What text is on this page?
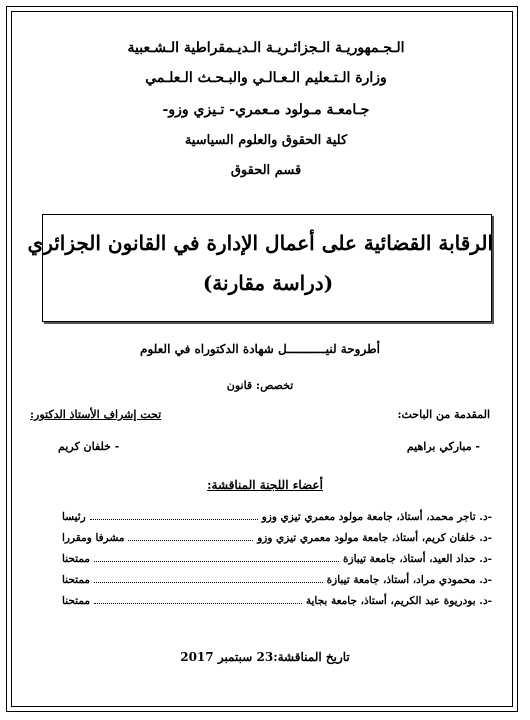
الـجـمهوريـة الـجزائـريـة الـديـمقراطية الـشـعبية
وزارة الـتـعليم الـعـالـي والبـحـث الـعلـمي
جـامعـة مـولود مـعمري- تـيزي وزو-
كلية الحقوق والعلوم السياسية
قسم الحقوق
الرقابة القضائية على أعمال الإدارة في القانون الجزائري
(دراسة مقارنة)
أطروحة لنيـــــــــــل شهادة الدكتوراه في العلوم
تخصص: قانون
المقدمة من الباحث:
تحت إشراف الأستاذ الدكتور:
- مباركي براهيم
- خلفان كريم
أعضاء اللجنة المناقشة:
-د. تاجر محمد، أستاذ، جامعة مولود معمري تيزي وزو
رئيسا
-د. خلفان كريم، أستاذ، جامعة مولود معمري تيزي وزو
مشرفا ومقررا
-د. حداد العيد، أستاذ، جامعة تيبازة
ممتحنا
-د. محمودي مراد، أستاذ، جامعة تيبازة
ممتحنا
-د. بودريوة عبد الكريم، أستاذ، جامعة بجاية
ممتحنا
تاريخ المناقشة:23 سبتمبر 2017
